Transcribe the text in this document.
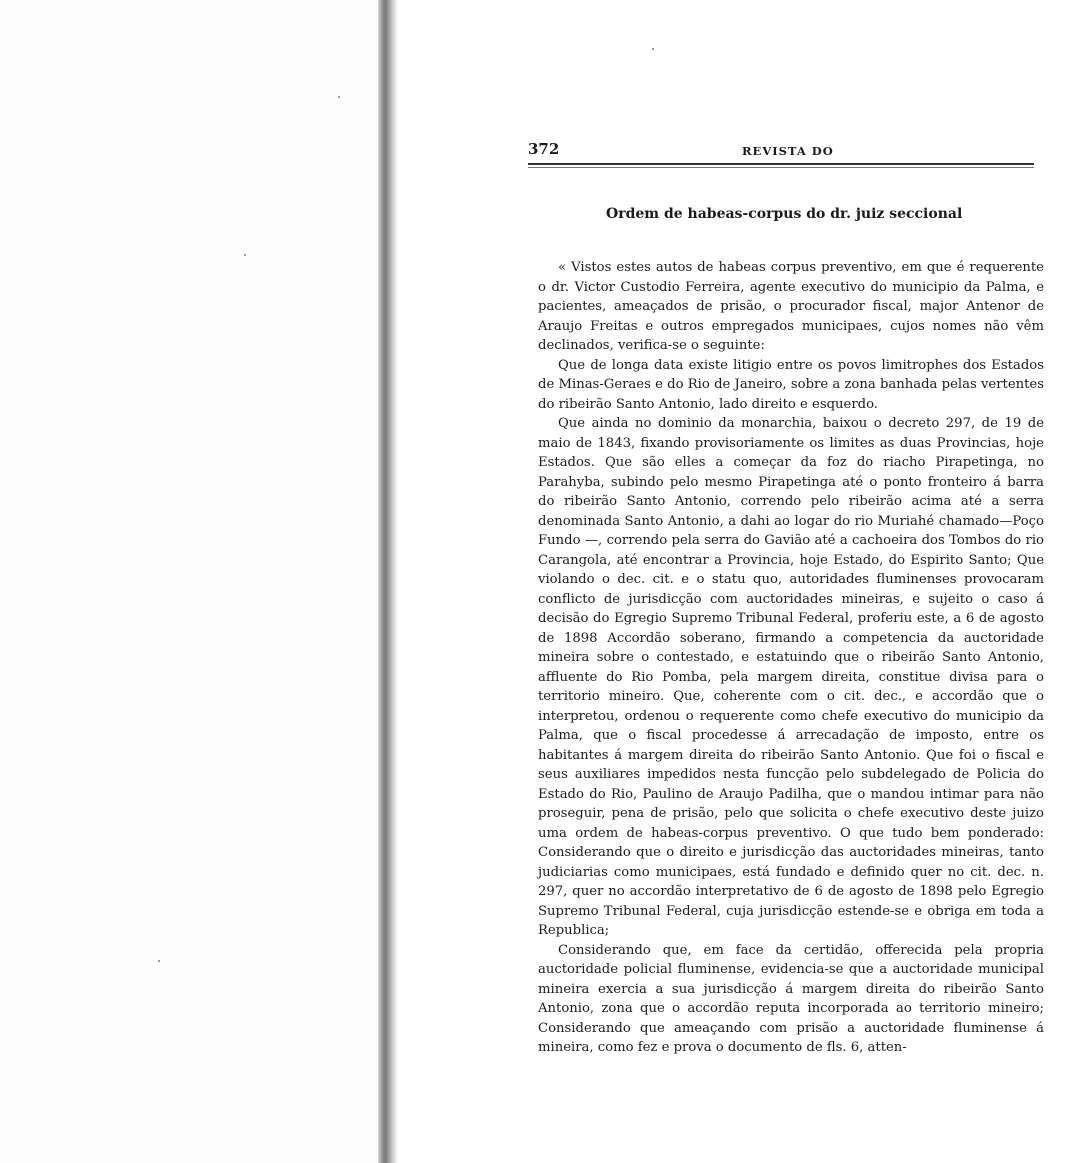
372	REVISTA DO
Ordem de habeas-corpus do dr. juiz seccional

« Vistos estes autos de habeas corpus preventivo, em que é requerente o dr. Victor Custodio Ferreira, agente executivo do municipio da Palma, e pacientes, ameaçados de prisão, o procurador fiscal, major Antenor de Araujo Freitas e outros empregados municipaes, cujos nomes não vêm declinados, verifica-se o seguinte:

Que de longa data existe litigio entre os povos limitrophes dos Estados de Minas-Geraes e do Rio de Janeiro, sobre a zona banhada pelas vertentes do ribeirão Santo Antonio, lado direito e esquerdo.

Que ainda no dominio da monarchia, baixou o decreto 297, de 19 de maio de 1843, fixando provisoriamente os limites as duas Provincias, hoje Estados. Que são elles a começar da foz do riacho Pirapetinga, no Parahyba, subindo pelo mesmo Pirapetinga até o ponto fronteiro á barra do ribeirão Santo Antonio, correndo pelo ribeirão acima até a serra denominada Santo Antonio, a dahi ao logar do rio Muriahé chamado—Poço Fundo —, correndo pela serra do Gavião até a cachoeira dos Tombos do rio Carangola, até encontrar a Provincia, hoje Estado, do Espirito Santo; Que violando o dec. cit. e o statu quo, autoridades fluminenses provocaram conflicto de jurisdicção com auctoridades mineiras, e sujeito o caso á decisão do Egregio Supremo Tribunal Federal, proferiu este, a 6 de agosto de 1898 Accordão soberano, firmando a competencia da auctoridade mineira sobre o contestado, e estatuindo que o ribeirão Santo Antonio, affluente do Rio Pomba, pela margem direita, constitue divisa para o territorio mineiro. Que, coherente com o cit. dec., e accordão que o interpretou, ordenou o requerente como chefe executivo do municipio da Palma, que o fiscal procedesse á arrecadação de imposto, entre os habitantes á margem direita do ribeirão Santo Antonio. Que foi o fiscal e seus auxiliares impedidos nesta funcção pelo subdelegado de Policia do Estado do Rio, Paulino de Araujo Padilha, que o mandou intimar para não proseguir, pena de prisão, pelo que solicita o chefe executivo deste juizo uma ordem de habeas-corpus preventivo. O que tudo bem ponderado: Considerando que o direito e jurisdicção das auctoridades mineiras, tanto judiciarias como municipaes, está fundado e definido quer no cit. dec. n. 297, quer no accordão interpretativo de 6 de agosto de 1898 pelo Egregio Supremo Tribunal Federal, cuja jurisdicção estende-se e obriga em toda a Republica;

Considerando que, em face da certidão, offerecida pela propria auctoridade policial fluminense, evidencia-se que a auctoridade municipal mineira exercia a sua jurisdicção á margem direita do ribeirão Santo Antonio, zona que o accordão reputa incorporada ao territorio mineiro; Considerando que ameaçando com prisão a auctoridade fluminense á mineira, como fez e prova o documento de fls. 6, atten-
